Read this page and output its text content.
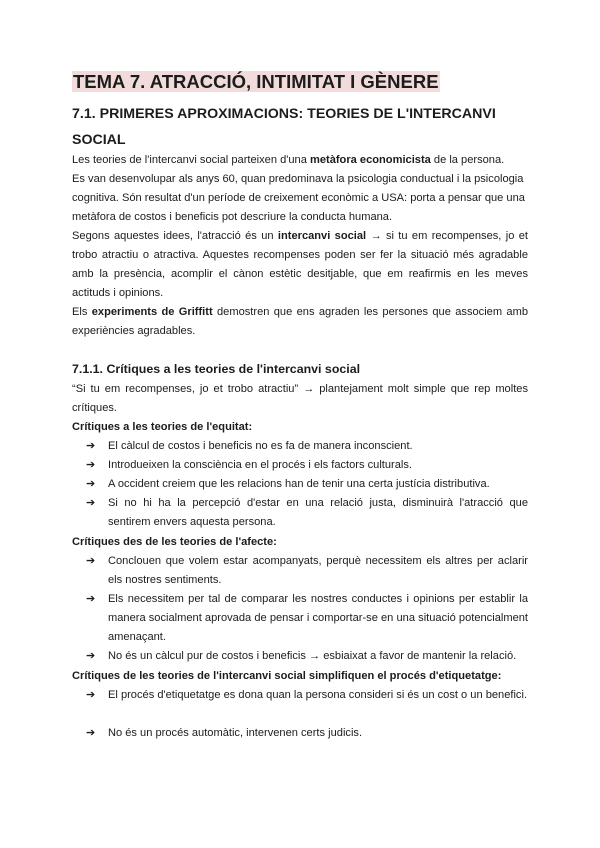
TEMA 7. ATRACCIÓ, INTIMITAT I GÈNERE
7.1. PRIMERES APROXIMACIONS: TEORIES DE L'INTERCANVI SOCIAL

Les teories de l'intercanvi social parteixen d'una metàfora economicista de la persona.

Es van desenvolupar als anys 60, quan predominava la psicologia conductual i la psicologia cognitiva. Són resultat d'un període de creixement econòmic a USA: porta a pensar que una metàfora de costos i beneficis pot descriure la conducta humana.

Segons aquestes idees, l'atracció és un intercanvi social → si tu em recompenses, jo et trobo atractiu o atractiva. Aquestes recompenses poden ser fer la situació més agradable amb la presència, acomplir el cànon estètic desitjable, que em reafirmis en les meves actituds i opinions.

Els experiments de Griffitt demostren que ens agraden les persones que associem amb experiències agradables.

7.1.1. Crítiques a les teories de l'intercanvi social

“Si tu em recompenses, jo et trobo atractiu” → plantejament molt simple que rep moltes crítiques.

Crítiques a les teories de l'equitat:

➔	El càlcul de costos i beneficis no es fa de manera inconscient.
➔	Introdueixen la consciència en el procés i els factors culturals.
➔	A occident creiem que les relacions han de tenir una certa justícia distributiva.
➔	Si no hi ha la percepció d'estar en una relació justa, disminuirà l'atracció que sentirem envers aquesta persona.

Crítiques des de les teories de l'afecte:

➔	Conclouen que volem estar acompanyats, perquè necessitem els altres per aclarir els nostres sentiments.
➔	Els necessitem per tal de comparar les nostres conductes i opinions per establir la manera socialment aprovada de pensar i comportar-se en una situació potencialment amenaçant.
➔	No és un càlcul pur de costos i beneficis → esbiaixat a favor de mantenir la relació.

Crítiques de les teories de l'intercanvi social simplifiquen el procés d'etiquetatge:

➔	El procés d'etiquetatge es dona quan la persona consideri si és un cost o un benefici.
➔	No és un procés automàtic, intervenen certs judicis.
